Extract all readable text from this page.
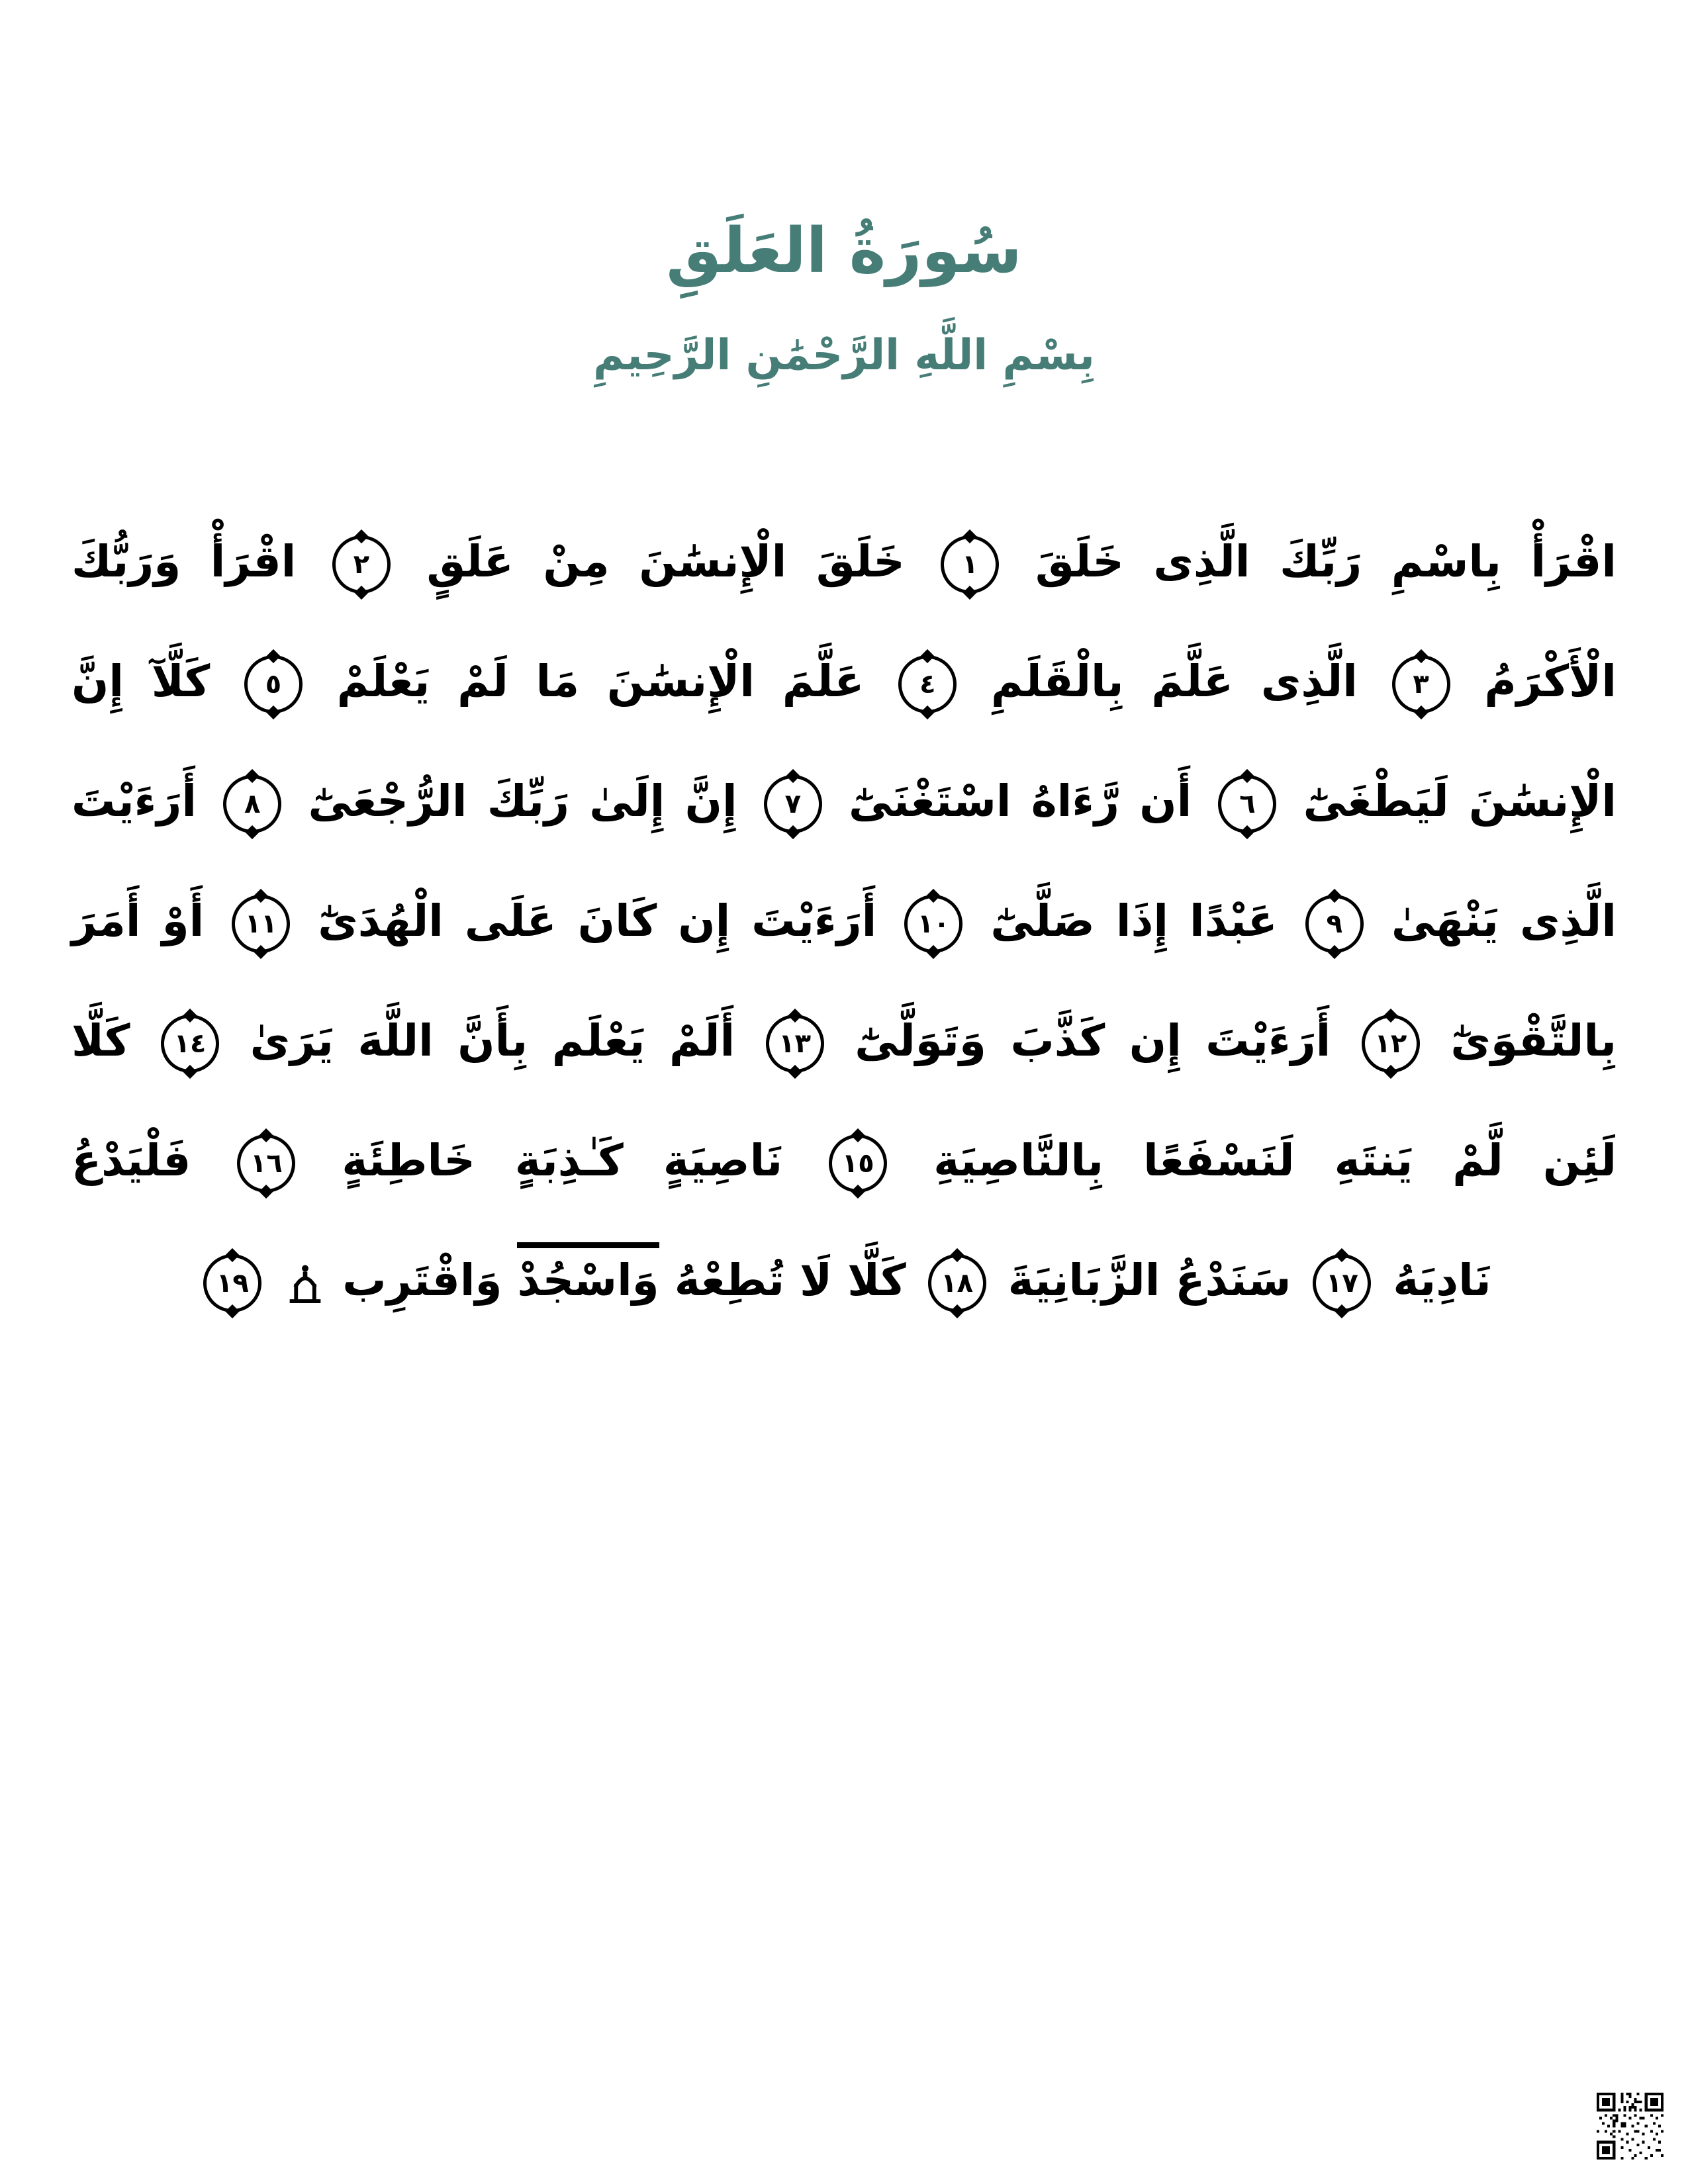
سُورَةُ العَلَقِ
بِسْمِ اللَّهِ الرَّحْمَٰنِ الرَّحِيمِ
اقْرَأْ بِاسْمِ رَبِّكَ الَّذِى خَلَقَ
١
خَلَقَ الْإِنسَٰنَ مِنْ عَلَقٍ
٢
اقْرَأْ وَرَبُّكَ
الْأَكْرَمُ
٣
الَّذِى عَلَّمَ بِالْقَلَمِ
٤
عَلَّمَ الْإِنسَٰنَ مَا لَمْ يَعْلَمْ
٥
كَلَّآ إِنَّ
الْإِنسَٰنَ لَيَطْغَىٰٓ
٦
أَن رَّءَاهُ اسْتَغْنَىٰٓ
٧
إِنَّ إِلَىٰ رَبِّكَ الرُّجْعَىٰٓ
٨
أَرَءَيْتَ
الَّذِى يَنْهَىٰ
٩
عَبْدًا إِذَا صَلَّىٰٓ
١٠
أَرَءَيْتَ إِن كَانَ عَلَى الْهُدَىٰٓ
١١
أَوْ أَمَرَ
بِالتَّقْوَىٰٓ
١٢
أَرَءَيْتَ إِن كَذَّبَ وَتَوَلَّىٰٓ
١٣
أَلَمْ يَعْلَم بِأَنَّ اللَّهَ يَرَىٰ
١٤
كَلَّا
لَئِن لَّمْ يَنتَهِ لَنَسْفَعًا بِالنَّاصِيَةِ
١٥
نَاصِيَةٍ كَـٰذِبَةٍ خَاطِئَةٍ
١٦
فَلْيَدْعُ
نَادِيَهُ
١٧
سَنَدْعُ الزَّبَانِيَةَ
١٨
كَلَّا لَا تُطِعْهُ وَاسْجُدْ وَاقْتَرِب

١٩
